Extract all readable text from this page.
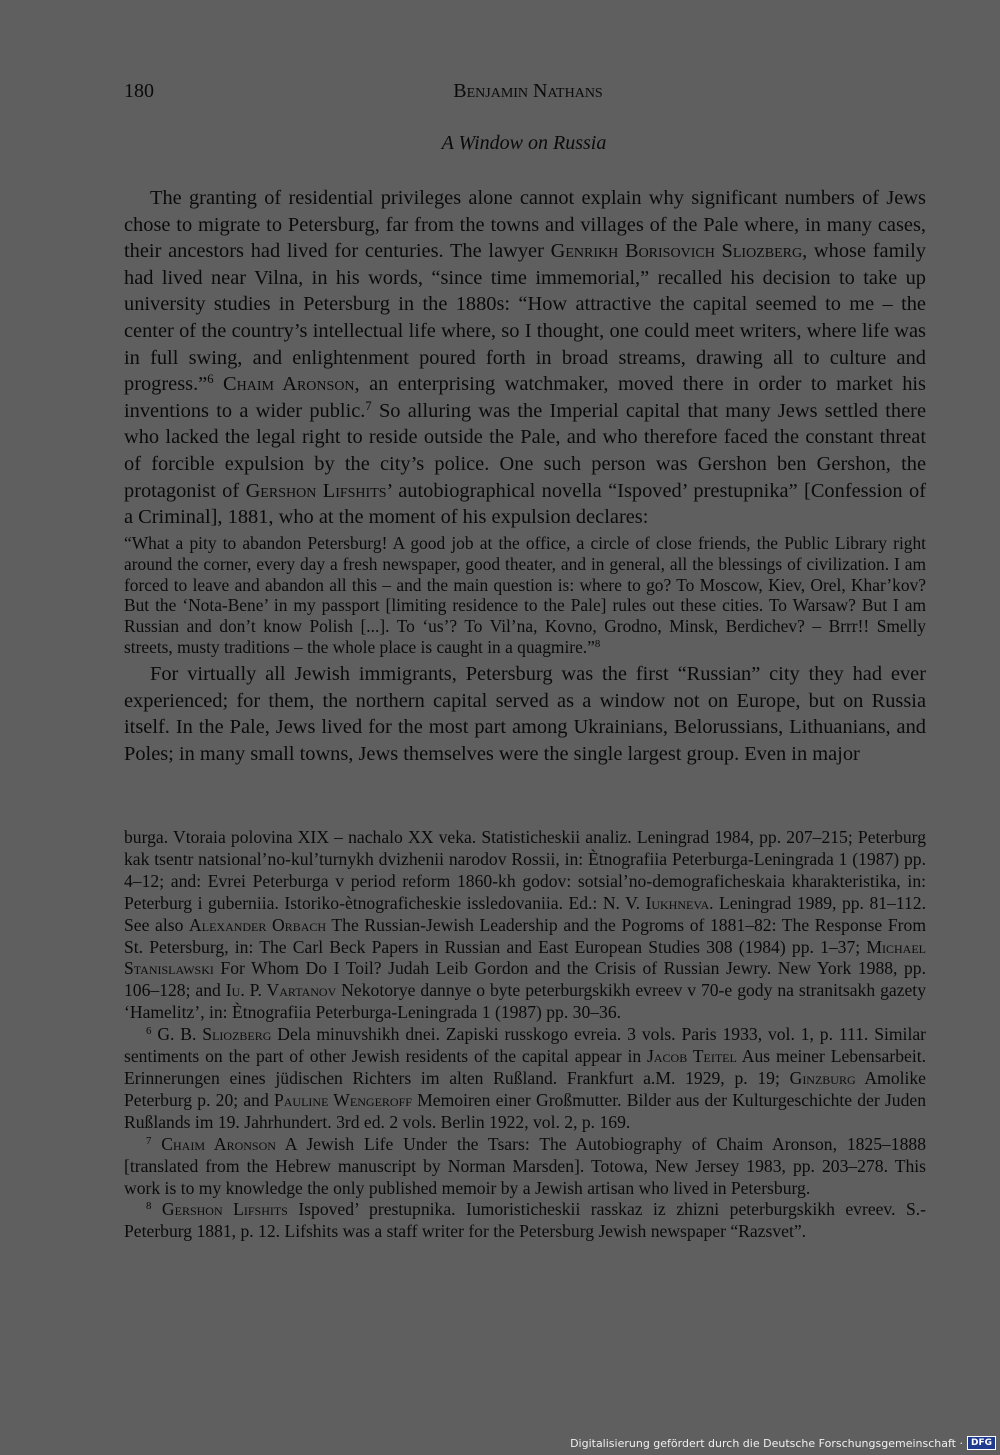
180	Benjamin Nathans
A Window on Russia

The granting of residential privileges alone cannot explain why significant numbers of Jews chose to migrate to Petersburg, far from the towns and villages of the Pale where, in many cases, their ancestors had lived for centuries. The lawyer Genrikh Borisovich Sliozberg, whose family had lived near Vilna, in his words, “since time immemorial,” recalled his decision to take up university studies in Petersburg in the 1880s: “How attractive the capital seemed to me – the center of the country’s intellectual life where, so I thought, one could meet writers, where life was in full swing, and enlightenment poured forth in broad streams, drawing all to culture and progress.”$^6$ Chaim Aronson, an enterprising watchmaker, moved there in order to market his inventions to a wider public.$^7$ So alluring was the Imperial capital that many Jews settled there who lacked the legal right to reside outside the Pale, and who therefore faced the constant threat of forcible expulsion by the city’s police. One such person was Gershon ben Gershon, the protagonist of Gershon Lifshits’ autobiographical novella “Ispoved’ prestupnika” [Confession of a Criminal], 1881, who at the moment of his expulsion declares:

“What a pity to abandon Petersburg! A good job at the office, a circle of close friends, the Public Library right around the corner, every day a fresh newspaper, good theater, and in general, all the blessings of civilization. I am forced to leave and abandon all this – and the main question is: where to go? To Moscow, Kiev, Orel, Khar’kov? But the ‘Nota-Bene’ in my passport [limiting residence to the Pale] rules out these cities. To Warsaw? But I am Russian and don’t know Polish [...]. To ‘us’? To Vil’na, Kovno, Grodno, Minsk, Berdichev? – Brrr!! Smelly streets, musty traditions – the whole place is caught in a quagmire.”$^8$

For virtually all Jewish immigrants, Petersburg was the first “Russian” city they had ever experienced; for them, the northern capital served as a window not on Europe, but on Russia itself. In the Pale, Jews lived for the most part among Ukrainians, Belorussians, Lithuanians, and Poles; in many small towns, Jews themselves were the single largest group. Even in major

burga. Vtoraia polovina XIX – nachalo XX veka. Statisticheskii analiz. Leningrad 1984, pp. 207–215; Peterburg kak tsentr natsional’no-kul’turnykh dvizhenii narodov Rossii, in: Ètnografiia Peterburga-Leningrada 1 (1987) pp. 4–12; and: Evrei Peterburga v period reform 1860-kh godov: sotsial’no-demograficheskaia kharakteristika, in: Peterburg i guberniia. Istoriko-ètnograficheskie issledovaniia. Ed.: N. V. Iukhneva. Leningrad 1989, pp. 81–112. See also Alexander Orbach The Russian-Jewish Leadership and the Pogroms of 1881–82: The Response From St. Petersburg, in: The Carl Beck Papers in Russian and East European Studies 308 (1984) pp. 1–37; Michael Stanislawski For Whom Do I Toil? Judah Leib Gordon and the Crisis of Russian Jewry. New York 1988, pp. 106–128; and Iu. P. Vartanov Nekotorye dannye o byte peterburgskikh evreev v 70-e gody na stranitsakh gazety ‘Hamelitz’, in: Ètnografiia Peterburga-Leningrada 1 (1987) pp. 30–36.

$^6$ G. B. Sliozberg Dela minuvshikh dnei. Zapiski russkogo evreia. 3 vols. Paris 1933, vol. 1, p. 111. Similar sentiments on the part of other Jewish residents of the capital appear in Jacob Teitel Aus meiner Lebensarbeit. Erinnerungen eines jüdischen Richters im alten Rußland. Frankfurt a.M. 1929, p. 19; Ginzburg Amolike Peterburg p. 20; and Pauline Wengeroff Memoiren einer Großmutter. Bilder aus der Kulturgeschichte der Juden Rußlands im 19. Jahrhundert. 3rd ed. 2 vols. Berlin 1922, vol. 2, p. 169.

$^7$ Chaim Aronson A Jewish Life Under the Tsars: The Autobiography of Chaim Aronson, 1825–1888 [translated from the Hebrew manuscript by Norman Marsden]. Totowa, New Jersey 1983, pp. 203–278. This work is to my knowledge the only published memoir by a Jewish artisan who lived in Petersburg.

$^8$ Gershon Lifshits Ispoved’ prestupnika. Iumoristicheskii rasskaz iz zhizni peterburgskikh evreev. S.-Peterburg 1881, p. 12. Lifshits was a staff writer for the Petersburg Jewish newspaper “Razsvet”.

Digitalisierung gefördert durch die Deutsche Forschungsgemeinschaft · DFG
